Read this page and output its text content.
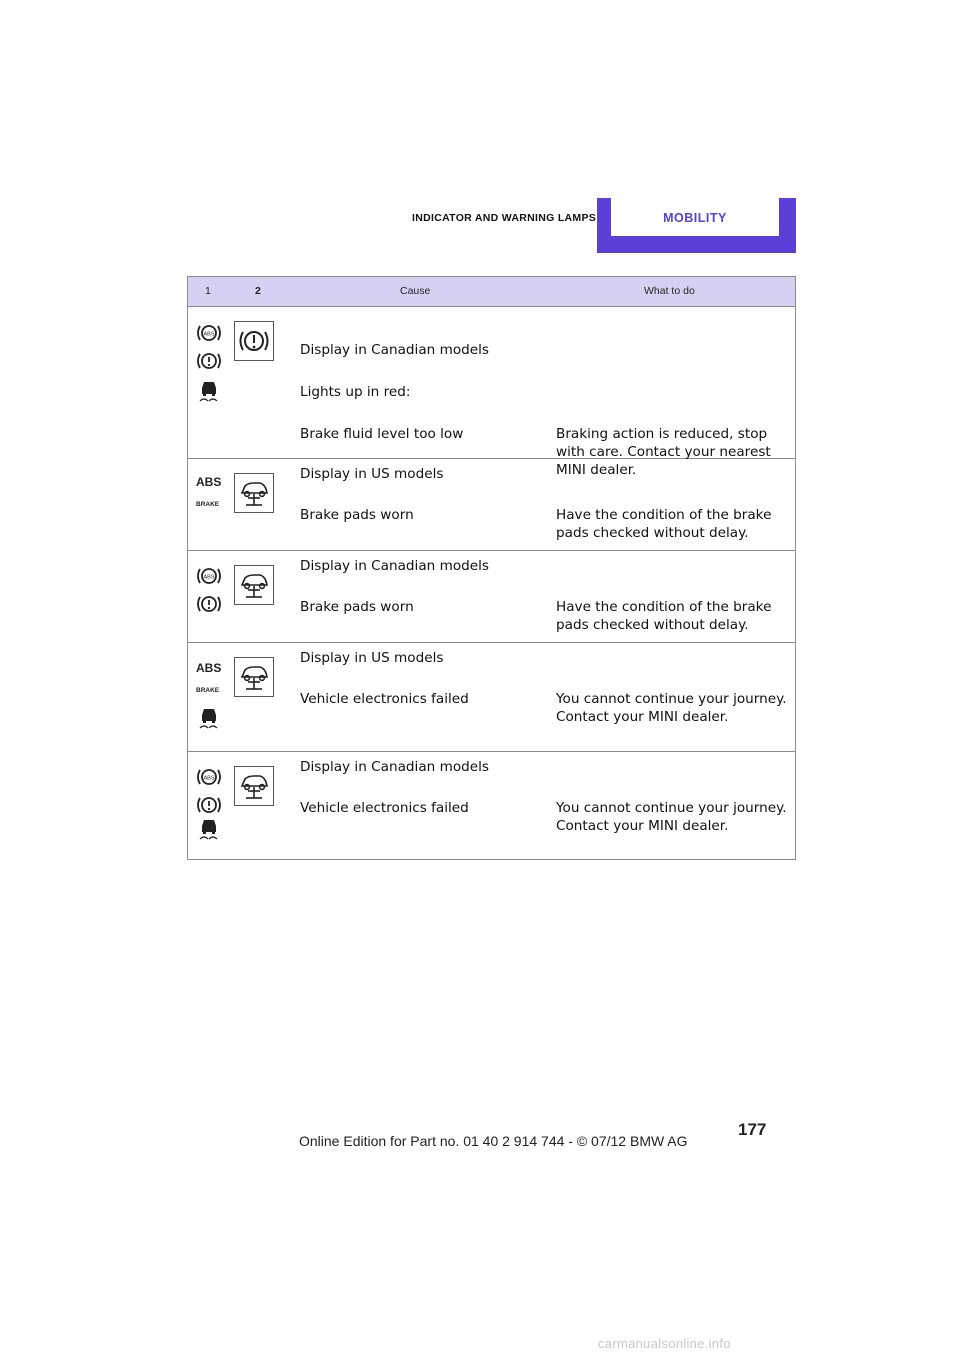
INDICATOR AND WARNING LAMPS	MOBILITY
1	2	Cause	What to do
ABS
Display in Canadian models
Lights up in red:
Brake fluid level too low	Braking action is reduced, stop with care. Contact your nearest MINI dealer.
ABS
BRAKE
Display in US models
Brake pads worn	Have the condition of the brake pads checked without delay.
ABS
Display in Canadian models
Brake pads worn	Have the condition of the brake pads checked without delay.
ABS
BRAKE
Display in US models
Vehicle electronics failed	You cannot continue your journey. Contact your MINI dealer.
ABS
Display in Canadian models
Vehicle electronics failed	You cannot continue your journey. Contact your MINI dealer.
177
Online Edition for Part no. 01 40 2 914 744 - © 07/12 BMW AG
carmanualsonline.info
